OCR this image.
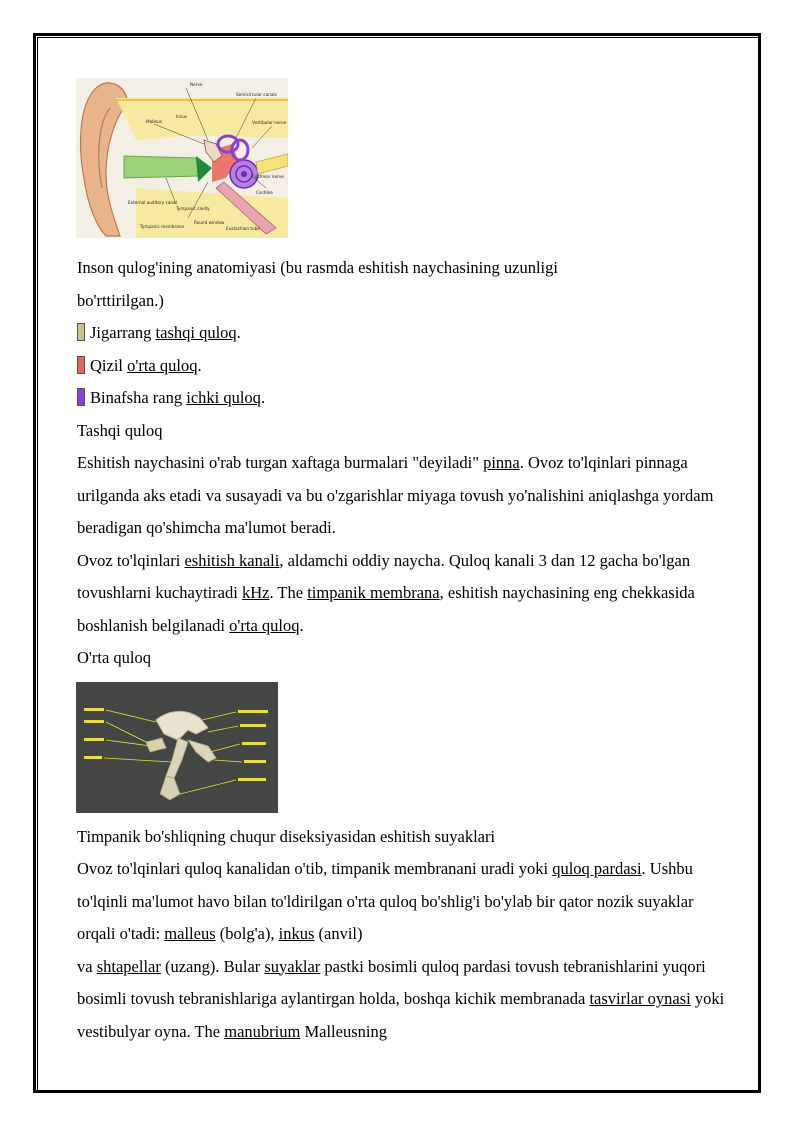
Malleus
Incus
Nerve
Semicircular canals
Vestibular nerve
Cochlear nerve
Cochlea
Eustachian tube
Tympanic cavity
External auditory canal
Tympanic membrane
Round window

Inson qulog'ining anatomiyasi (bu rasmda eshitish naychasining uzunligi
bo'rttirilgan.)

Jigarrang tashqi quloq.

Qizil o'rta quloq.

Binafsha rang ichki quloq.

Tashqi quloq

Eshitish naychasini o'rab turgan xaftaga burmalari "deyiladi" pinna. Ovoz to'lqinlari pinnaga urilganda aks etadi va susayadi va bu o'zgarishlar miyaga tovush yo'nalishini aniqlashga yordam beradigan qo'shimcha ma'lumot beradi.

Ovoz to'lqinlari eshitish kanali, aldamchi oddiy naycha. Quloq kanali 3 dan 12 gacha bo'lgan tovushlarni kuchaytiradi kHz. The timpanik membrana, eshitish naychasining eng chekkasida boshlanish belgilanadi o'rta quloq.

O'rta quloq

Timpanik bo'shliqning chuqur diseksiyasidan eshitish suyaklari

Ovoz to'lqinlari quloq kanalidan o'tib, timpanik membranani uradi yoki quloq pardasi. Ushbu to'lqinli ma'lumot havo bilan to'ldirilgan o'rta quloq bo'shlig'i bo'ylab bir qator nozik suyaklar orqali o'tadi: malleus (bolg'a), inkus (anvil)
va shtapellar (uzang). Bular suyaklar pastki bosimli quloq pardasi tovush tebranishlarini yuqori bosimli tovush tebranishlariga aylantirgan holda, boshqa kichik membranada tasvirlar oynasi yoki vestibulyar oyna. The manubrium Malleusning
